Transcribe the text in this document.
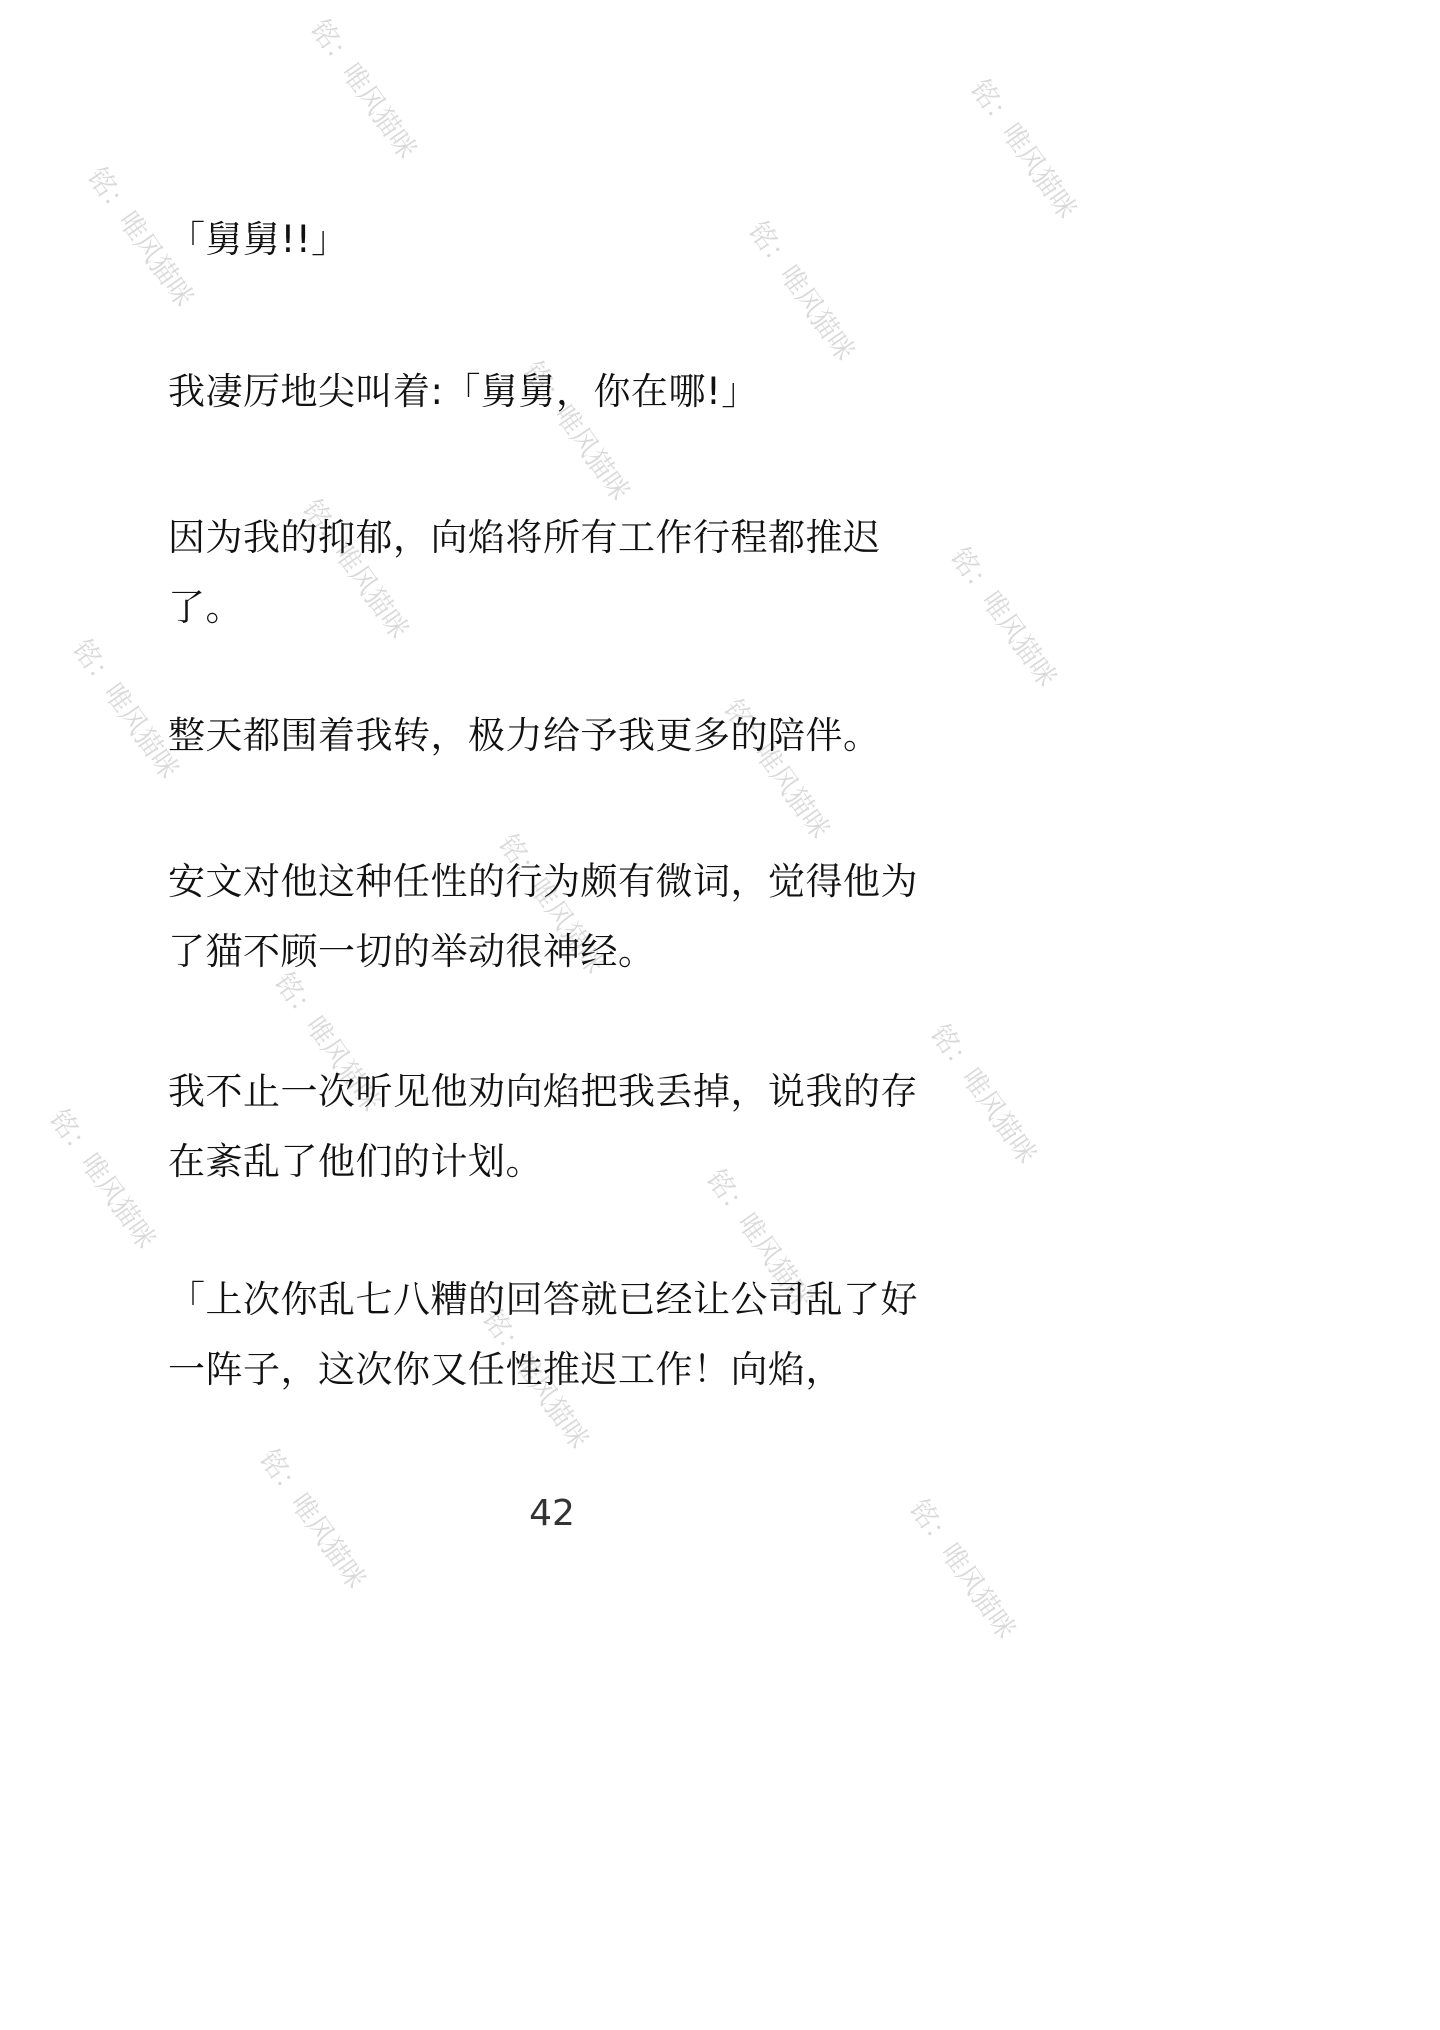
铭：唯风猫咪
铭：唯风猫咪
铭：唯风猫咪
铭：唯风猫咪
铭：唯风猫咪
铭：唯风猫咪	铭：唯风猫咪
铭：唯风猫咪	铭：唯风猫咪
铭：唯风猫咪
铭：唯风猫咪	铭：唯风猫咪
铭：唯风猫咪	铭：唯风猫咪
铭：唯风猫咪
铭：唯风猫咪	铭：唯风猫咪

「舅舅!!」

我凄厉地尖叫着:「舅舅，你在哪!」

因为我的抑郁，向焰将所有工作行程都推迟了。

整天都围着我转，极力给予我更多的陪伴。

安文对他这种任性的行为颇有微词，觉得他为了猫不顾一切的举动很神经。

我不止一次听见他劝向焰把我丢掉，说我的存在紊乱了他们的计划。

「上次你乱七八糟的回答就已经让公司乱了好一阵子，这次你又任性推迟工作！向焰，

42
